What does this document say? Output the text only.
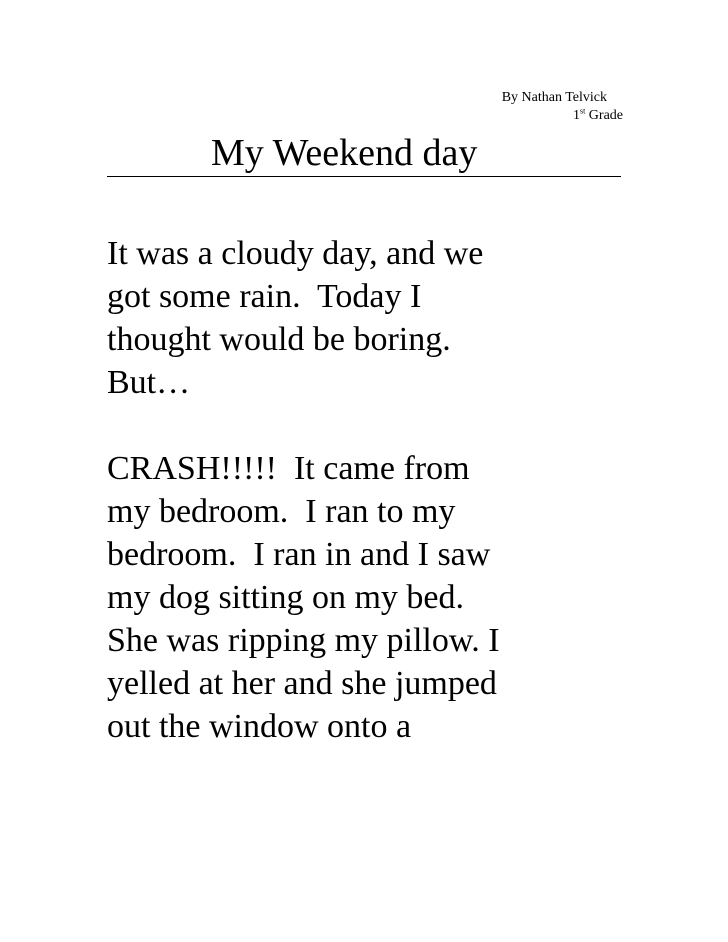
By Nathan Telvick
1st Grade
My Weekend day
It was a cloudy day, and we
got some rain.  Today I
thought would be boring.
But…
CRASH!!!!!  It came from
my bedroom.  I ran to my
bedroom.  I ran in and I saw
my dog sitting on my bed.
She was ripping my pillow. I
yelled at her and she jumped
out the window onto a
